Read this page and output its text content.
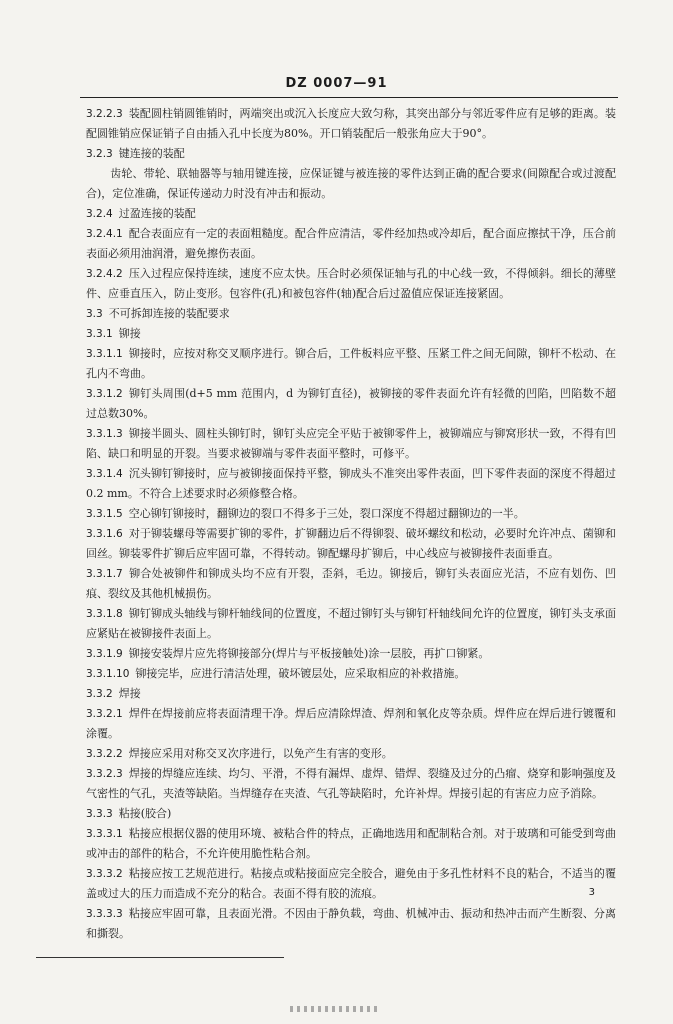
DZ 0007—91

3.2.2.3 装配圆柱销圆锥销时，两端突出或沉入长度应大致匀称，其突出部分与邻近零件应有足够的距离。装配圆锥销应保证销子自由插入孔中长度为80%。开口销装配后一般张角应大于90°。

3.2.3 键连接的装配

齿轮、带轮、联轴器等与轴用键连接，应保证键与被连接的零件达到正确的配合要求(间隙配合或过渡配合)，定位准确，保证传递动力时没有冲击和振动。

3.2.4 过盈连接的装配

3.2.4.1 配合表面应有一定的表面粗糙度。配合件应清洁，零件经加热或冷却后，配合面应擦拭干净，压合前表面必须用油润滑，避免擦伤表面。

3.2.4.2 压入过程应保持连续，速度不应太快。压合时必须保证轴与孔的中心线一致，不得倾斜。细长的薄壁件、应垂直压入，防止变形。包容件(孔)和被包容件(轴)配合后过盈值应保证连接紧固。

3.3 不可拆卸连接的装配要求

3.3.1 铆接

3.3.1.1 铆接时，应按对称交叉顺序进行。铆合后，工件板料应平整、压紧工件之间无间隙，铆杆不松动、在孔内不弯曲。

3.3.1.2 铆钉头周围(d+5 mm 范围内，d 为铆钉直径)，被铆接的零件表面允许有轻微的凹陷，凹陷数不超过总数30%。

3.3.1.3 铆接半圆头、圆柱头铆钉时，铆钉头应完全平贴于被铆零件上，被铆端应与铆窝形状一致，不得有凹陷、缺口和明显的开裂。当要求被铆端与零件表面平整时，可修平。

3.3.1.4 沉头铆钉铆接时，应与被铆接面保持平整，铆成头不准突出零件表面，凹下零件表面的深度不得超过0.2 mm。不符合上述要求时必须修整合格。

3.3.1.5 空心铆钉铆接时，翻铆边的裂口不得多于三处，裂口深度不得超过翻铆边的一半。

3.3.1.6 对于铆装螺母等需要扩铆的零件，扩铆翻边后不得铆裂、破坏螺纹和松动，必要时允许冲点、菌铆和回丝。铆装零件扩铆后应牢固可靠，不得转动。铆配螺母扩铆后，中心线应与被铆接件表面垂直。

3.3.1.7 铆合处被铆件和铆成头均不应有开裂，歪斜，毛边。铆接后，铆钉头表面应光洁，不应有划伤、凹痕、裂纹及其他机械损伤。

3.3.1.8 铆钉铆成头轴线与铆杆轴线间的位置度，不超过铆钉头与铆钉杆轴线间允许的位置度，铆钉头支承面应紧贴在被铆接件表面上。

3.3.1.9 铆接安装焊片应先将铆接部分(焊片与平板接触处)涂一层胶，再扩口铆紧。

3.3.1.10 铆接完毕，应进行清洁处理，破坏镀层处，应采取相应的补救措施。

3.3.2 焊接

3.3.2.1 焊件在焊接前应将表面清理干净。焊后应清除焊渣、焊剂和氧化皮等杂质。焊件应在焊后进行镀覆和涂覆。

3.3.2.2 焊接应采用对称交叉次序进行，以免产生有害的变形。

3.3.2.3 焊接的焊缝应连续、均匀、平滑，不得有漏焊、虚焊、错焊、裂缝及过分的凸瘤、烧穿和影响强度及气密性的气孔，夹渣等缺陷。当焊缝存在夹渣、气孔等缺陷时，允许补焊。焊接引起的有害应力应予消除。

3.3.3 粘接(胶合)

3.3.3.1 粘接应根据仪器的使用环境、被粘合件的特点，正确地选用和配制粘合剂。对于玻璃和可能受到弯曲或冲击的部件的粘合，不允许使用脆性粘合剂。

3.3.3.2 粘接应按工艺规范进行。粘接点或粘接面应完全胶合，避免由于多孔性材料不良的粘合，不适当的覆盖或过大的压力而造成不充分的粘合。表面不得有胶的流痕。

3.3.3.3 粘接应牢固可靠，且表面光滑。不因由于静负载，弯曲、机械冲击、振动和热冲击而产生断裂、分离和撕裂。

3
